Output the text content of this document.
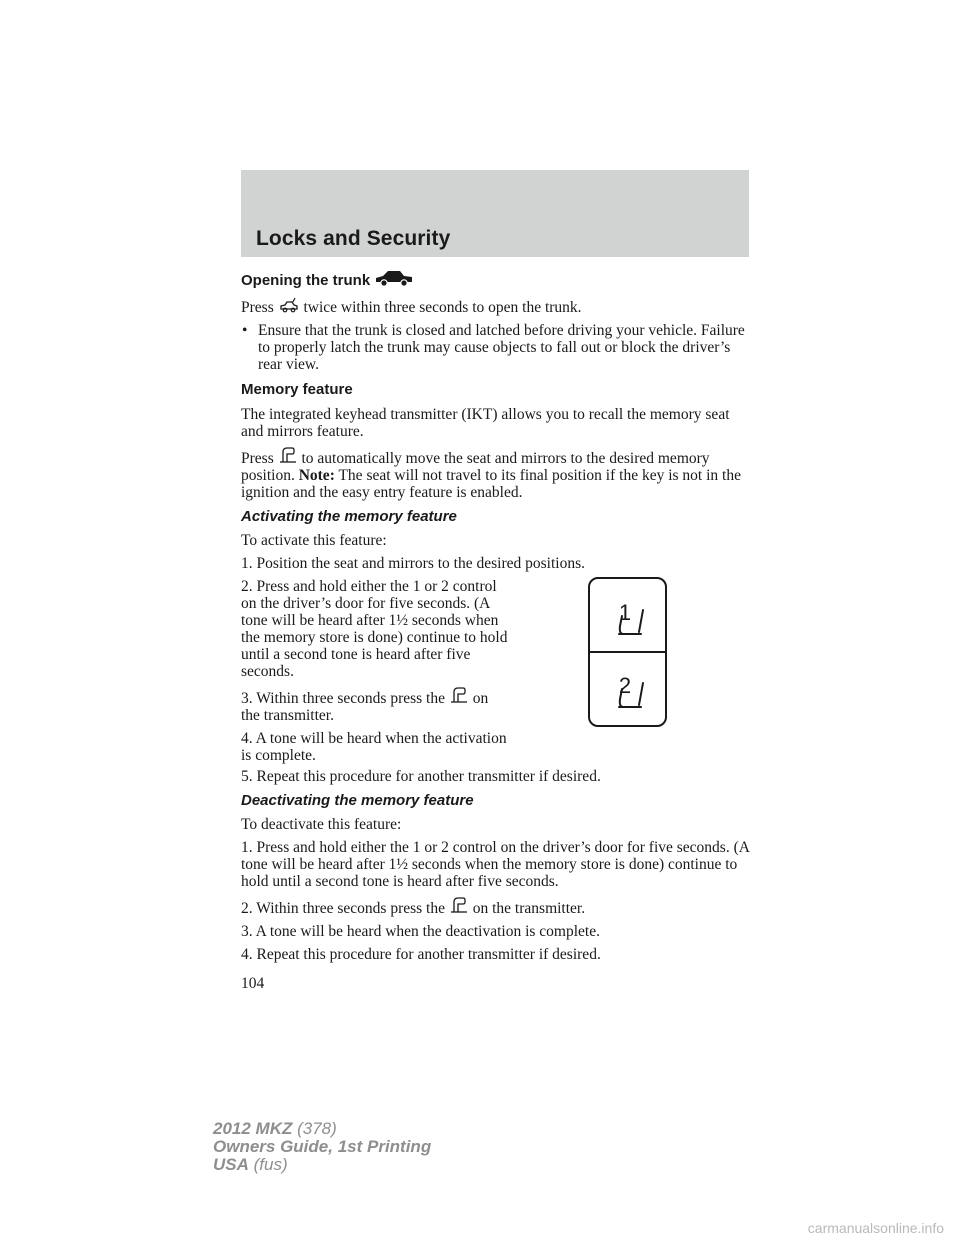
Locks and Security
Opening the trunk

Press twice within three seconds to open the trunk.

• Ensure that the trunk is closed and latched before driving your vehicle. Failure to properly latch the trunk may cause objects to fall out or block the driver’s rear view.

Memory feature

The integrated keyhead transmitter (IKT) allows you to recall the memory seat and mirrors feature.

Press to automatically move the seat and mirrors to the desired memory position. Note: The seat will not travel to its final position if the key is not in the ignition and the easy entry feature is enabled.

Activating the memory feature

To activate this feature:

1. Position the seat and mirrors to the desired positions.

2. Press and hold either the 1 or 2 control on the driver’s door for five seconds. (A tone will be heard after 1½ seconds when the memory store is done) continue to hold until a second tone is heard after five seconds.

3. Within three seconds press the on the transmitter.

4. A tone will be heard when the activation is complete.

5. Repeat this procedure for another transmitter if desired.

Deactivating the memory feature

To deactivate this feature:

1. Press and hold either the 1 or 2 control on the driver’s door for five seconds. (A tone will be heard after 1½ seconds when the memory store is done) continue to hold until a second tone is heard after five seconds.

2. Within three seconds press the on the transmitter.

3. A tone will be heard when the deactivation is complete.

4. Repeat this procedure for another transmitter if desired.

1
2
104
2012 MKZ (378)
Owners Guide, 1st Printing
USA (fus)
carmanualsonline.info
